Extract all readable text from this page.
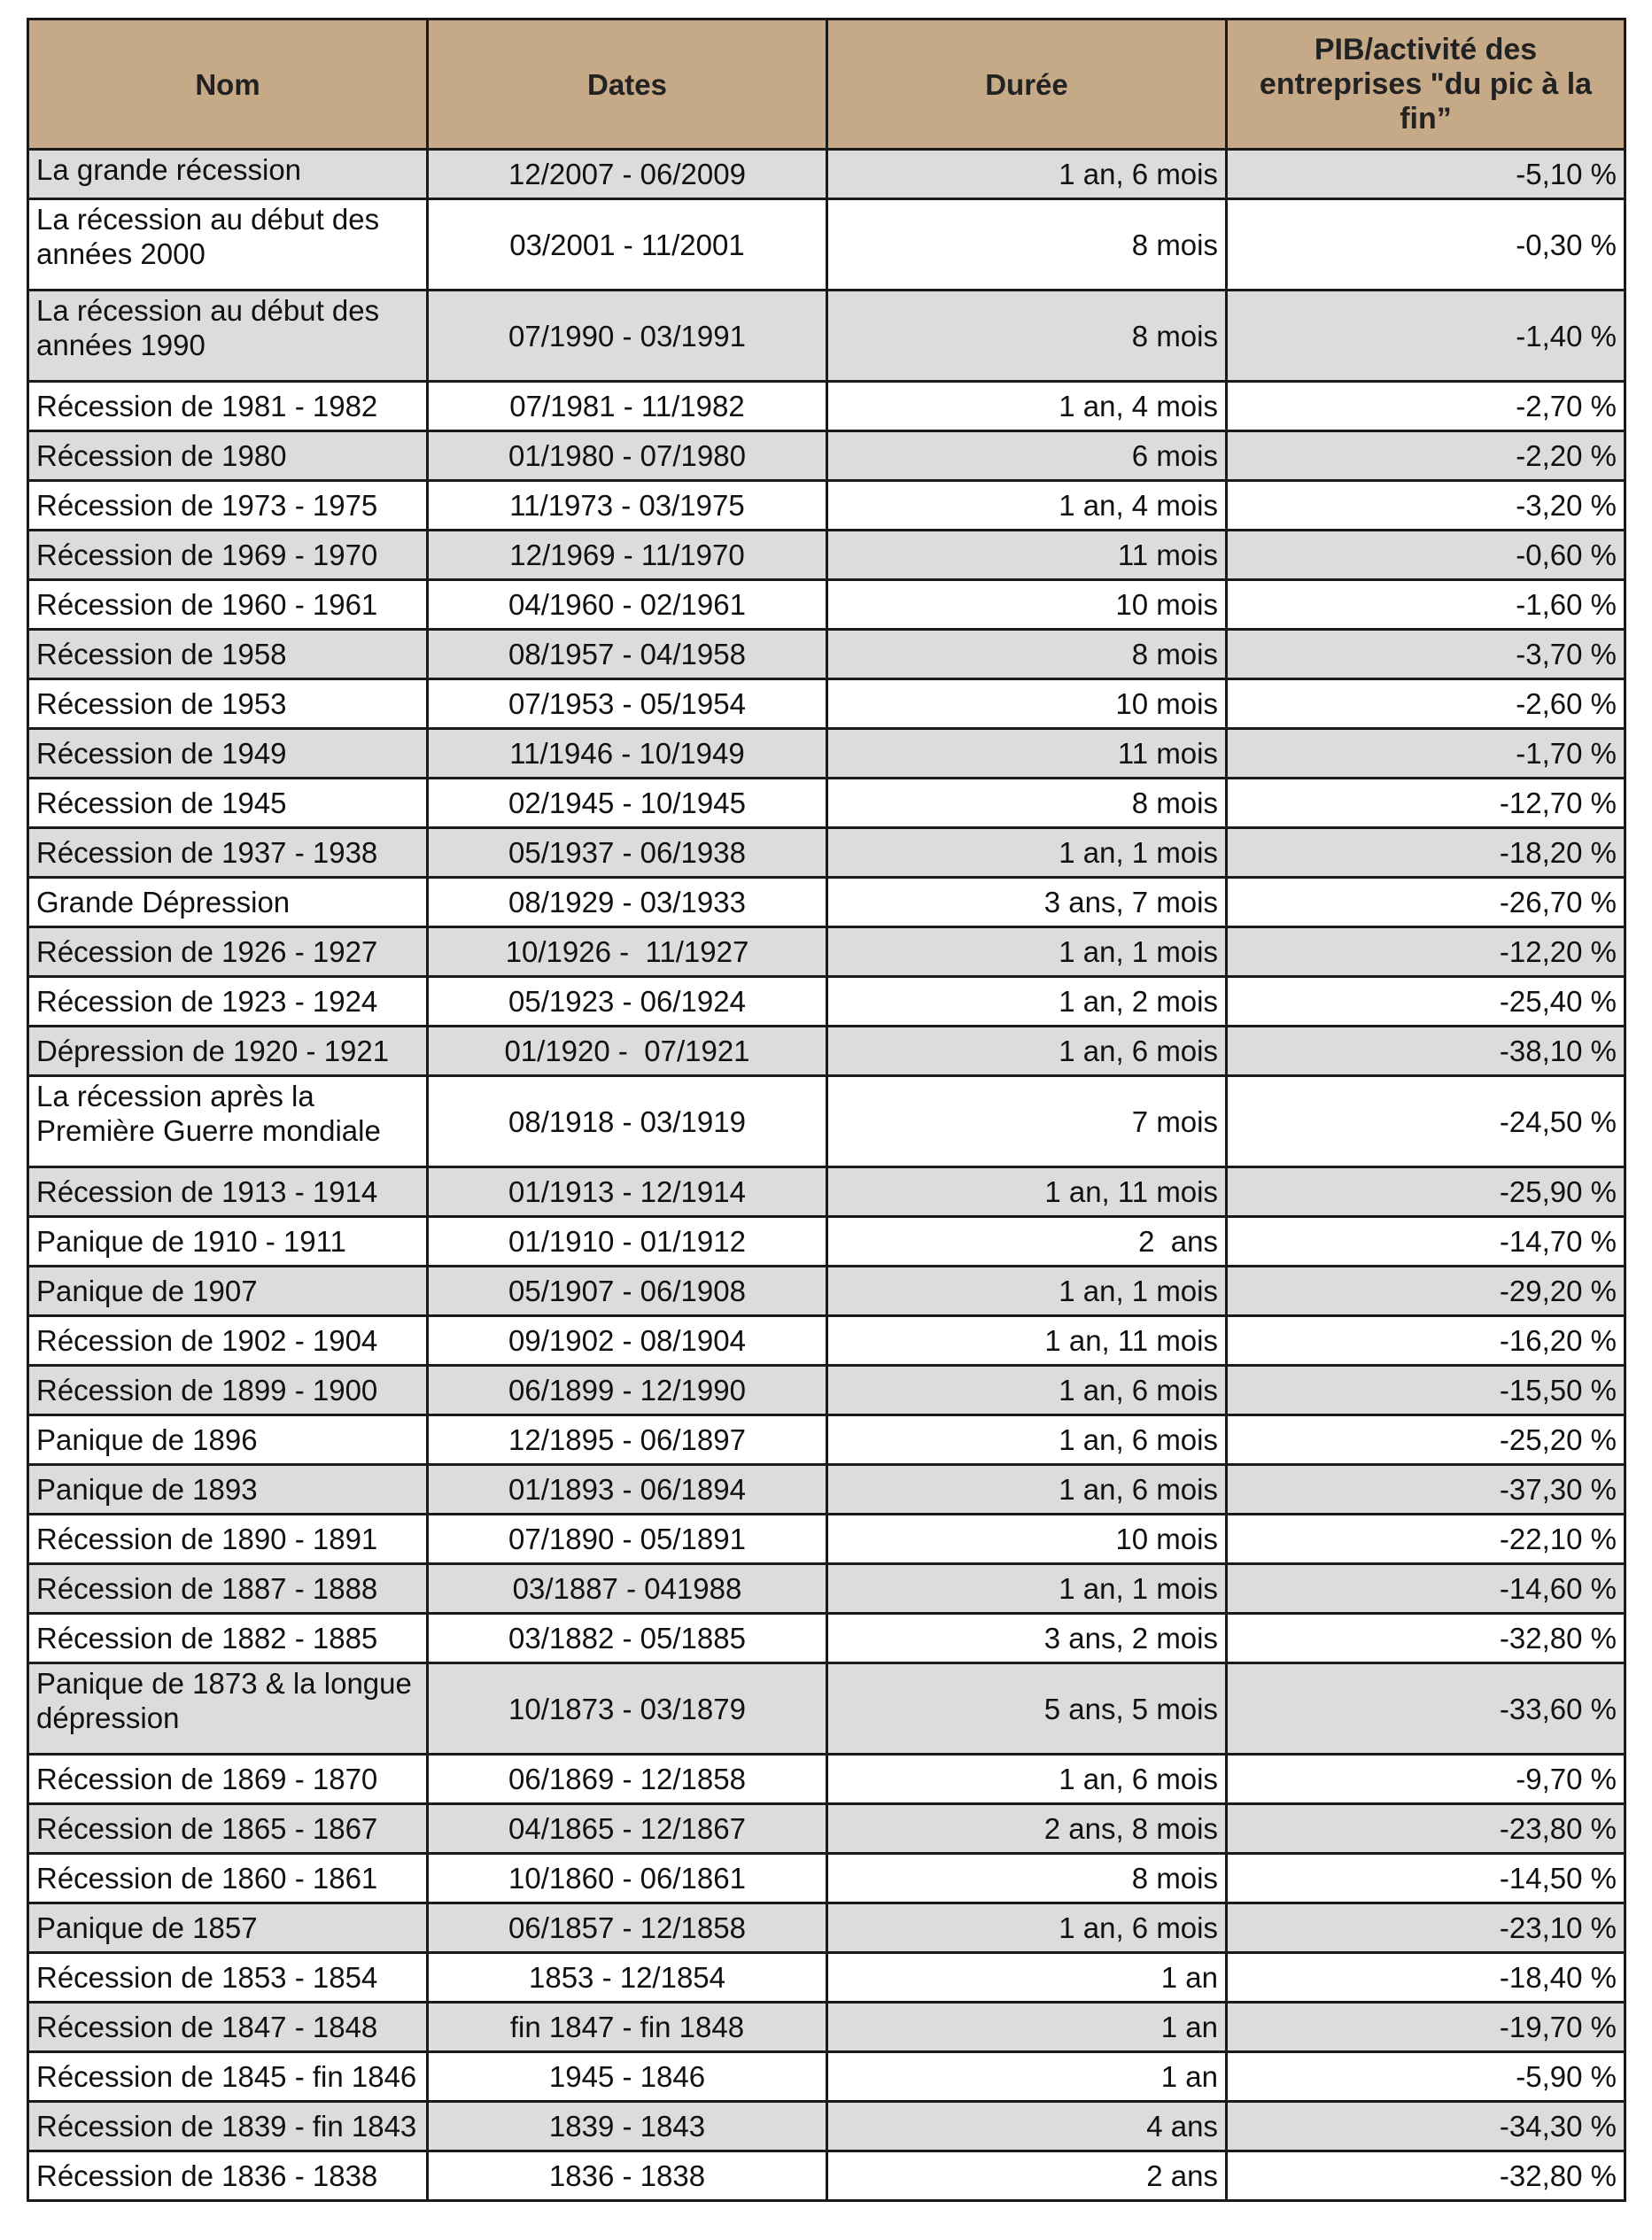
Nom	Dates	Durée	PIB/activité des entreprises "du pic à la fin”
La grande récession	12/2007 - 06/2009	1 an, 6 mois	-5,10 %
La récession au début des années 2000	03/2001 - 11/2001	8 mois	-0,30 %
La récession au début des années 1990	07/1990 - 03/1991	8 mois	-1,40 %
Récession de 1981 - 1982	07/1981 - 11/1982	1 an, 4 mois	-2,70 %
Récession de 1980	01/1980 - 07/1980	6 mois	-2,20 %
Récession de 1973 - 1975	11/1973 - 03/1975	1 an, 4 mois	-3,20 %
Récession de 1969 - 1970	12/1969 - 11/1970	11 mois	-0,60 %
Récession de 1960 - 1961	04/1960 - 02/1961	10 mois	-1,60 %
Récession de 1958	08/1957 - 04/1958	8 mois	-3,70 %
Récession de 1953	07/1953 - 05/1954	10 mois	-2,60 %
Récession de 1949	11/1946 - 10/1949	11 mois	-1,70 %
Récession de 1945	02/1945 - 10/1945	8 mois	-12,70 %
Récession de 1937 - 1938	05/1937 - 06/1938	1 an, 1 mois	-18,20 %
Grande Dépression	08/1929 - 03/1933	3 ans, 7 mois	-26,70 %
Récession de 1926 - 1927	10/1926 -  11/1927	1 an, 1 mois	-12,20 %
Récession de 1923 - 1924	05/1923 - 06/1924	1 an, 2 mois	-25,40 %
Dépression de 1920 - 1921	01/1920 -  07/1921	1 an, 6 mois	-38,10 %
La récession après la Première Guerre mondiale	08/1918 - 03/1919	7 mois	-24,50 %
Récession de 1913 - 1914	01/1913 - 12/1914	1 an, 11 mois	-25,90 %
Panique de 1910 - 1911	01/1910 - 01/1912	2  ans	-14,70 %
Panique de 1907	05/1907 - 06/1908	1 an, 1 mois	-29,20 %
Récession de 1902 - 1904	09/1902 - 08/1904	1 an, 11 mois	-16,20 %
Récession de 1899 - 1900	06/1899 - 12/1990	1 an, 6 mois	-15,50 %
Panique de 1896	12/1895 - 06/1897	1 an, 6 mois	-25,20 %
Panique de 1893	01/1893 - 06/1894	1 an, 6 mois	-37,30 %
Récession de 1890 - 1891	07/1890 - 05/1891	10 mois	-22,10 %
Récession de 1887 - 1888	03/1887 - 041988	1 an, 1 mois	-14,60 %
Récession de 1882 - 1885	03/1882 - 05/1885	3 ans, 2 mois	-32,80 %
Panique de 1873 & la longue dépression	10/1873 - 03/1879	5 ans, 5 mois	-33,60 %
Récession de 1869 - 1870	06/1869 - 12/1858	1 an, 6 mois	-9,70 %
Récession de 1865 - 1867	04/1865 - 12/1867	2 ans, 8 mois	-23,80 %
Récession de 1860 - 1861	10/1860 - 06/1861	8 mois	-14,50 %
Panique de 1857	06/1857 - 12/1858	1 an, 6 mois	-23,10 %
Récession de 1853 - 1854	1853 - 12/1854	1 an	-18,40 %
Récession de 1847 - 1848	fin 1847 - fin 1848	1 an	-19,70 %
Récession de 1845 - fin 1846	1945 - 1846	1 an	-5,90 %
Récession de 1839 - fin 1843	1839 - 1843	4 ans	-34,30 %
Récession de 1836 - 1838	1836 - 1838	2 ans	-32,80 %
